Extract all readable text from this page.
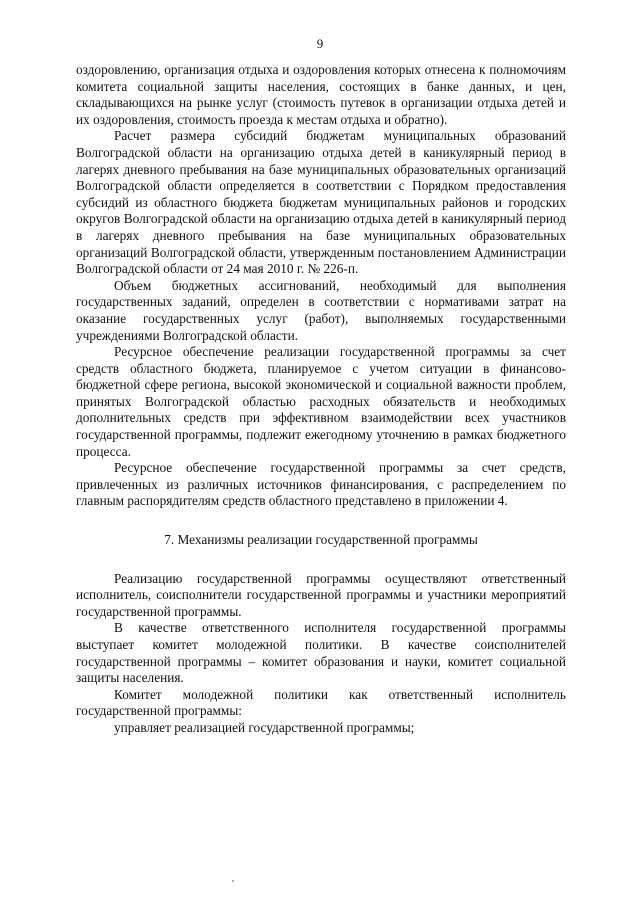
9

оздоровлению, организация отдыха и оздоровления которых отнесена к полномочиям комитета социальной защиты населения, состоящих в банке данных, и цен, складывающихся на рынке услуг (стоимость путевок в организации отдыха детей и их оздоровления, стоимость проезда к местам отдыха и обратно).

Расчет размера субсидий бюджетам муниципальных образований Волгоградской области на организацию отдыха детей в каникулярный период в лагерях дневного пребывания на базе муниципальных образовательных организаций Волгоградской области определяется в соответствии с Порядком предоставления субсидий из областного бюджета бюджетам муниципальных районов и городских округов Волгоградской области на организацию отдыха детей в каникулярный период в лагерях дневного пребывания на базе муниципальных образовательных организаций Волгоградской области, утвержденным постановлением Администрации Волгоградской области от 24 мая 2010 г. № 226-п.

Объем бюджетных ассигнований, необходимый для выполнения государственных заданий, определен в соответствии с нормативами затрат на оказание государственных услуг (работ), выполняемых государственными учреждениями Волгоградской области.

Ресурсное обеспечение реализации государственной программы за счет средств областного бюджета, планируемое с учетом ситуации в финансово-бюджетной сфере региона, высокой экономической и социальной важности проблем, принятых Волгоградской областью расходных обязательств и необходимых дополнительных средств при эффективном взаимодействии всех участников государственной программы, подлежит ежегодному уточнению в рамках бюджетного процесса.

Ресурсное обеспечение государственной программы за счет средств, привлеченных из различных источников финансирования, с распределением по главным распорядителям средств областного представлено в приложении 4.

7. Механизмы реализации государственной программы

Реализацию государственной программы осуществляют ответственный исполнитель, соисполнители государственной программы и участники мероприятий государственной программы.

В качестве ответственного исполнителя государственной программы выступает комитет молодежной политики. В качестве соисполнителей государственной программы – комитет образования и науки, комитет социальной защиты населения.

Комитет молодежной политики как ответственный исполнитель государственной программы:

управляет реализацией государственной программы;
